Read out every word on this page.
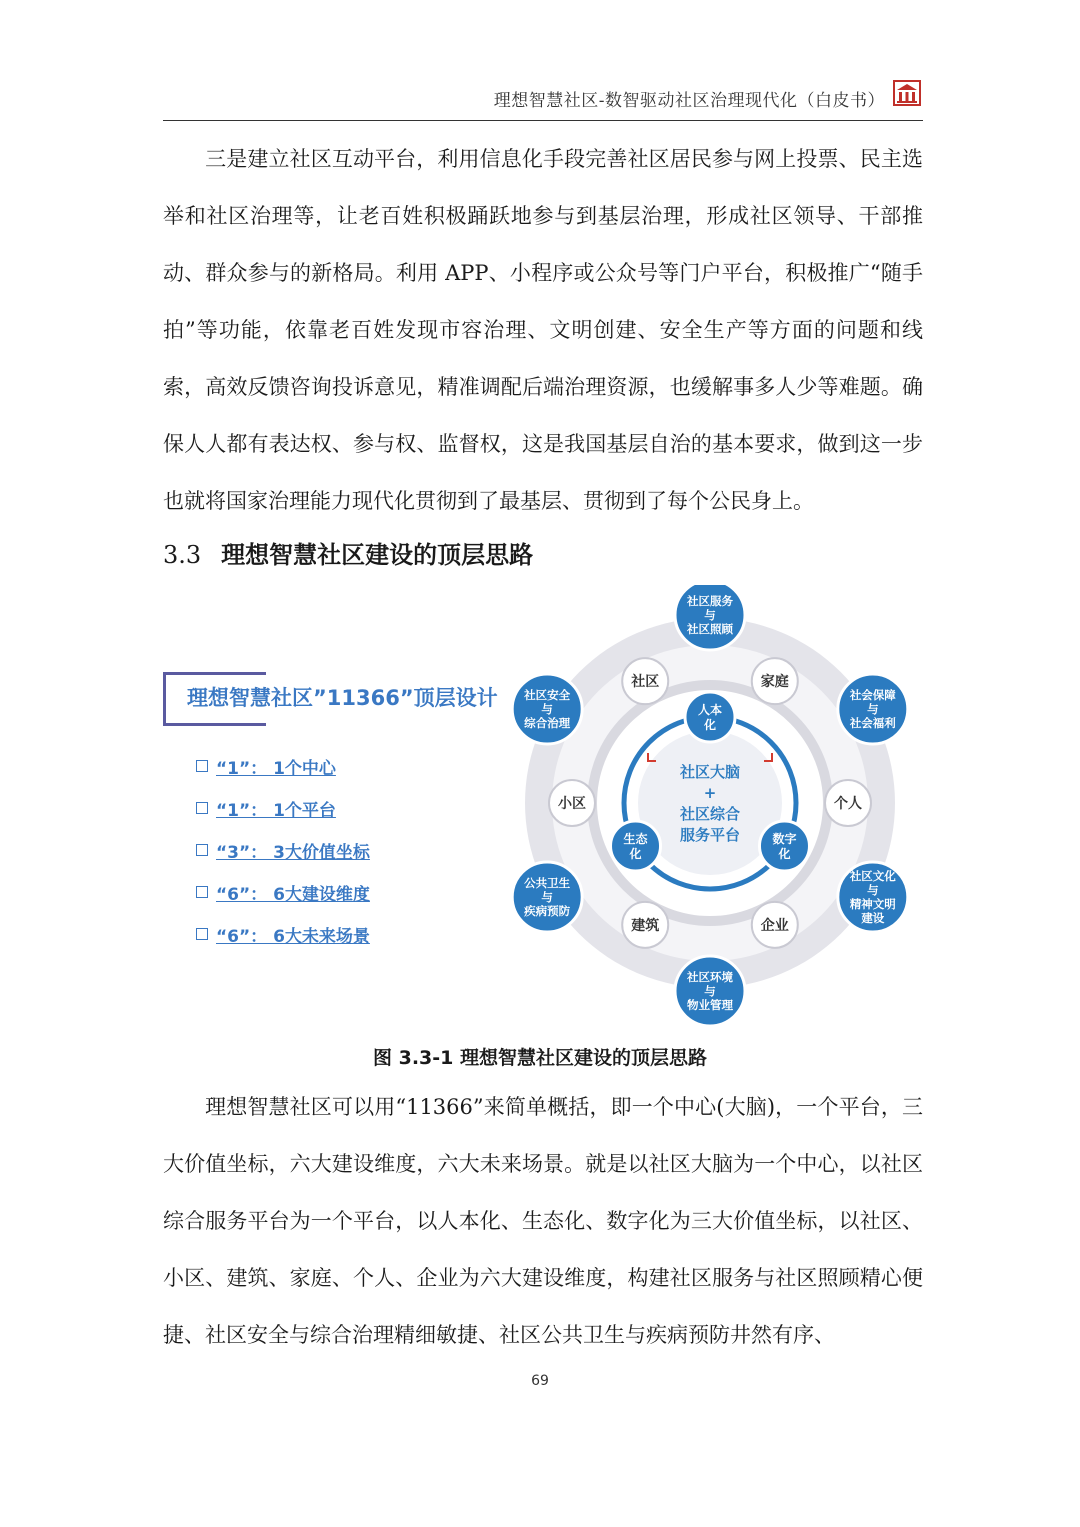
理想智慧社区-数智驱动社区治理现代化（白皮书）

三是建立社区互动平台，利用信息化手段完善社区居民参与网上投票、民主选举和社区治理等，让老百姓积极踊跃地参与到基层治理，形成社区领导、干部推动、群众参与的新格局。利用 APP、小程序或公众号等门户平台，积极推广“随手拍”等功能，依靠老百姓发现市容治理、文明创建、安全生产等方面的问题和线索，高效反馈咨询投诉意见，精准调配后端治理资源，也缓解事多人少等难题。确保人人都有表达权、参与权、监督权，这是我国基层自治的基本要求，做到这一步也就将国家治理能力现代化贯彻到了最基层、贯彻到了每个公民身上。

3.3 理想智慧社区建设的顶层思路
理想智慧社区”11366”顶层设计
“1”： 1个中心
“1”： 1个平台
“3”： 3大价值坐标
“6”： 6大建设维度
“6”： 6大未来场景
社区大脑
+
社区综合
服务平台
人本
化
数字
化
生态
化
社区	家庭
个人
企业
建筑
小区
社区服务
与
社区照顾
社会保障
与
社会福利
社区文化
与
精神文明
建设
社区环境
与
物业管理
公共卫生
与
疾病预防
社区安全
与
综合治理
图 3.3-1 理想智慧社区建设的顶层思路

理想智慧社区可以用“11366”来简单概括，即一个中心(大脑)，一个平台，三大价值坐标，六大建设维度，六大未来场景。就是以社区大脑为一个中心，以社区综合服务平台为一个平台，以人本化、生态化、数字化为三大价值坐标，以社区、小区、建筑、家庭、个人、企业为六大建设维度，构建社区服务与社区照顾精心便捷、社区安全与综合治理精细敏捷、社区公共卫生与疾病预防井然有序、

69
